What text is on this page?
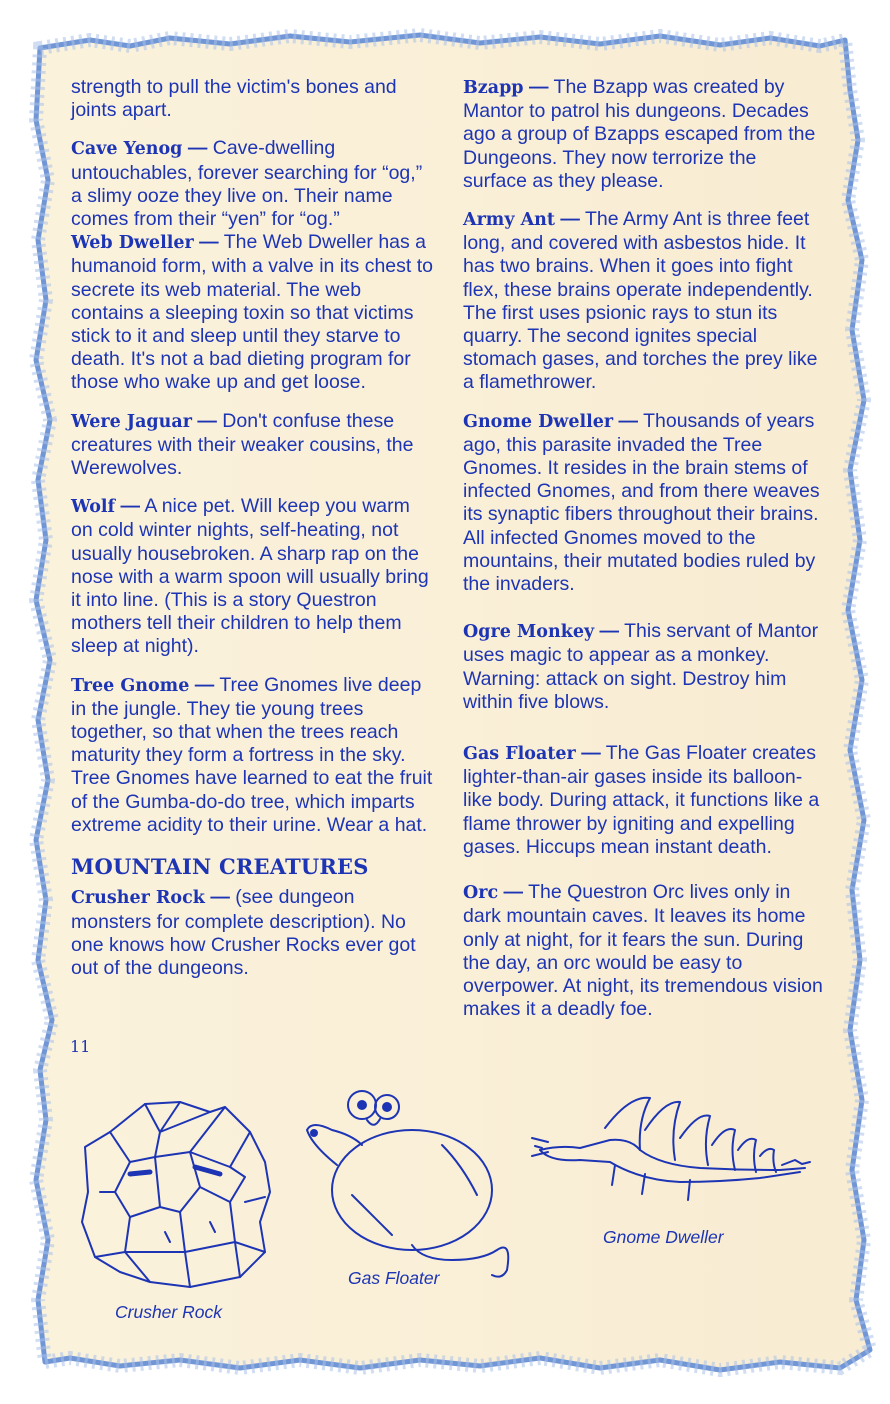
strength to pull the victim's bones and joints apart.

Cave Yenog — Cave-dwelling untouchables, forever searching for “og,” a slimy ooze they live on. Their name comes from their “yen” for “og.”

Web Dweller — The Web Dweller has a humanoid form, with a valve in its chest to secrete its web material. The web contains a sleeping toxin so that victims stick to it and sleep until they starve to death. It's not a bad dieting program for those who wake up and get loose.

Were Jaguar — Don't confuse these creatures with their weaker cousins, the Werewolves.

Wolf — A nice pet. Will keep you warm on cold winter nights, self-heating, not usually housebroken. A sharp rap on the nose with a warm spoon will usually bring it into line. (This is a story Questron mothers tell their children to help them sleep at night).

Tree Gnome — Tree Gnomes live deep in the jungle. They tie young trees together, so that when the trees reach maturity they form a fortress in the sky. Tree Gnomes have learned to eat the fruit of the Gumba-do-do tree, which imparts extreme acidity to their urine. Wear a hat.

MOUNTAIN CREATURES

Crusher Rock — (see dungeon monsters for complete description). No one knows how Crusher Rocks ever got out of the dungeons.

Bzapp — The Bzapp was created by Mantor to patrol his dungeons. Decades ago a group of Bzapps escaped from the Dungeons. They now terrorize the surface as they please.

Army Ant — The Army Ant is three feet long, and covered with asbestos hide. It has two brains. When it goes into fight flex, these brains operate independently. The first uses psionic rays to stun its quarry. The second ignites special stomach gases, and torches the prey like a flamethrower.

Gnome Dweller — Thousands of years ago, this parasite invaded the Tree Gnomes. It resides in the brain stems of infected Gnomes, and from there weaves its synaptic fibers throughout their brains. All infected Gnomes moved to the mountains, their mutated bodies ruled by the invaders.

Ogre Monkey — This servant of Mantor uses magic to appear as a monkey. Warning: attack on sight. Destroy him within five blows.

Gas Floater — The Gas Floater creates lighter-than-air gases inside its balloon-like body. During attack, it functions like a flame thrower by igniting and expelling gases. Hiccups mean instant death.

Orc — The Questron Orc lives only in dark mountain caves. It leaves its home only at night, for it fears the sun. During the day, an orc would be easy to overpower. At night, its tremendous vision makes it a deadly foe.

Crusher Rock
Gas Floater
Gnome Dweller
11
